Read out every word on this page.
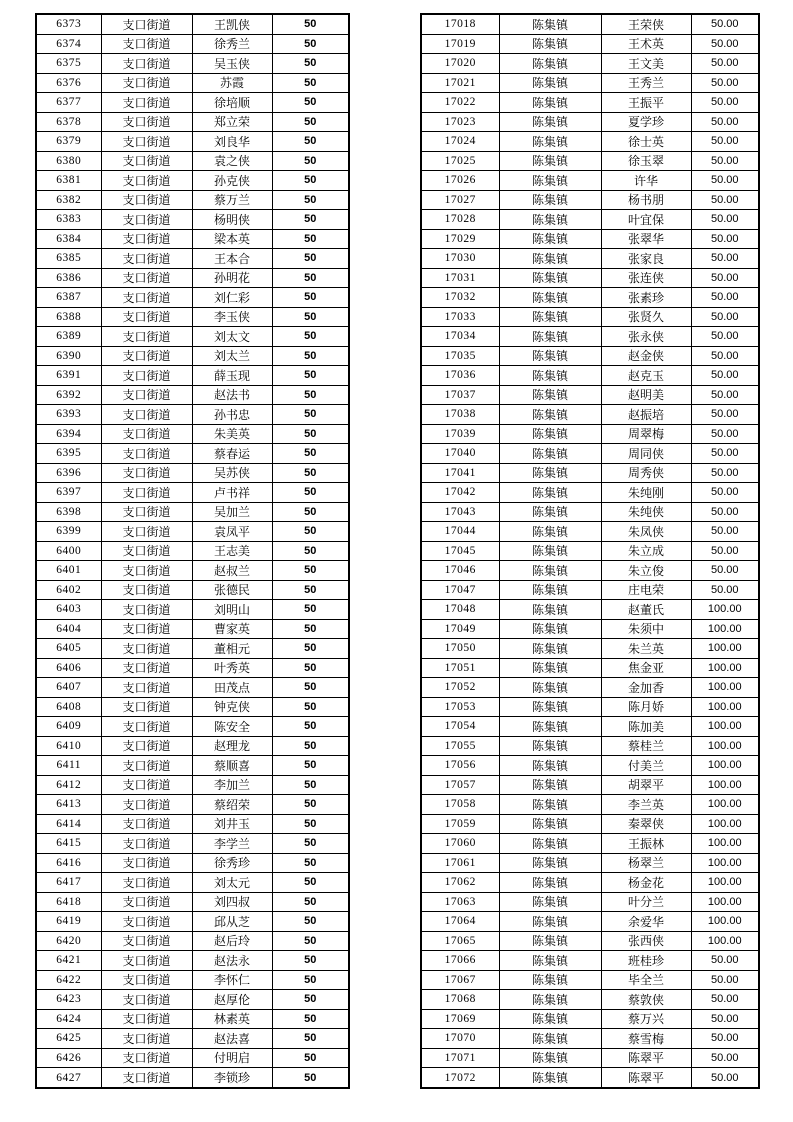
6373	支口街道	王凯侠	50
6374	支口街道	徐秀兰	50
6375	支口街道	吴玉侠	50
6376	支口街道	苏霞	50
6377	支口街道	徐培顺	50
6378	支口街道	郑立荣	50
6379	支口街道	刘良华	50
6380	支口街道	袁之侠	50
6381	支口街道	孙克侠	50
6382	支口街道	蔡万兰	50
6383	支口街道	杨明侠	50
6384	支口街道	梁本英	50
6385	支口街道	王本合	50
6386	支口街道	孙明花	50
6387	支口街道	刘仁彩	50
6388	支口街道	李玉侠	50
6389	支口街道	刘太文	50
6390	支口街道	刘太兰	50
6391	支口街道	薛玉现	50
6392	支口街道	赵法书	50
6393	支口街道	孙书忠	50
6394	支口街道	朱美英	50
6395	支口街道	蔡春运	50
6396	支口街道	吴苏侠	50
6397	支口街道	卢书祥	50
6398	支口街道	吴加兰	50
6399	支口街道	袁凤平	50
6400	支口街道	王志美	50
6401	支口街道	赵叔兰	50
6402	支口街道	张德民	50
6403	支口街道	刘明山	50
6404	支口街道	曹家英	50
6405	支口街道	董相元	50
6406	支口街道	叶秀英	50
6407	支口街道	田茂点	50
6408	支口街道	钟克侠	50
6409	支口街道	陈安全	50
6410	支口街道	赵理龙	50
6411	支口街道	蔡顺喜	50
6412	支口街道	李加兰	50
6413	支口街道	蔡绍荣	50
6414	支口街道	刘井玉	50
6415	支口街道	李学兰	50
6416	支口街道	徐秀珍	50
6417	支口街道	刘太元	50
6418	支口街道	刘四叔	50
6419	支口街道	邱从芝	50
6420	支口街道	赵后玲	50
6421	支口街道	赵法永	50
6422	支口街道	李怀仁	50
6423	支口街道	赵厚伦	50
6424	支口街道	林素英	50
6425	支口街道	赵法喜	50
6426	支口街道	付明启	50
6427	支口街道	李锁珍	50
17018	陈集镇	王荣侠	50.00
17019	陈集镇	王术英	50.00
17020	陈集镇	王文美	50.00
17021	陈集镇	王秀兰	50.00
17022	陈集镇	王振平	50.00
17023	陈集镇	夏学珍	50.00
17024	陈集镇	徐士英	50.00
17025	陈集镇	徐玉翠	50.00
17026	陈集镇	许华	50.00
17027	陈集镇	杨书朋	50.00
17028	陈集镇	叶宜保	50.00
17029	陈集镇	张翠华	50.00
17030	陈集镇	张家良	50.00
17031	陈集镇	张连侠	50.00
17032	陈集镇	张素珍	50.00
17033	陈集镇	张贤久	50.00
17034	陈集镇	张永侠	50.00
17035	陈集镇	赵金侠	50.00
17036	陈集镇	赵克玉	50.00
17037	陈集镇	赵明美	50.00
17038	陈集镇	赵振培	50.00
17039	陈集镇	周翠梅	50.00
17040	陈集镇	周同侠	50.00
17041	陈集镇	周秀侠	50.00
17042	陈集镇	朱纯刚	50.00
17043	陈集镇	朱纯侠	50.00
17044	陈集镇	朱凤侠	50.00
17045	陈集镇	朱立成	50.00
17046	陈集镇	朱立俊	50.00
17047	陈集镇	庄电荣	50.00
17048	陈集镇	赵董氏	100.00
17049	陈集镇	朱须中	100.00
17050	陈集镇	朱兰英	100.00
17051	陈集镇	焦金亚	100.00
17052	陈集镇	金加香	100.00
17053	陈集镇	陈月娇	100.00
17054	陈集镇	陈加美	100.00
17055	陈集镇	蔡桂兰	100.00
17056	陈集镇	付美兰	100.00
17057	陈集镇	胡翠平	100.00
17058	陈集镇	李兰英	100.00
17059	陈集镇	秦翠侠	100.00
17060	陈集镇	王振林	100.00
17061	陈集镇	杨翠兰	100.00
17062	陈集镇	杨金花	100.00
17063	陈集镇	叶分兰	100.00
17064	陈集镇	余爱华	100.00
17065	陈集镇	张西侠	100.00
17066	陈集镇	班桂珍	50.00
17067	陈集镇	毕全兰	50.00
17068	陈集镇	蔡敦侠	50.00
17069	陈集镇	蔡万兴	50.00
17070	陈集镇	蔡雪梅	50.00
17071	陈集镇	陈翠平	50.00
17072	陈集镇	陈翠平	50.00
